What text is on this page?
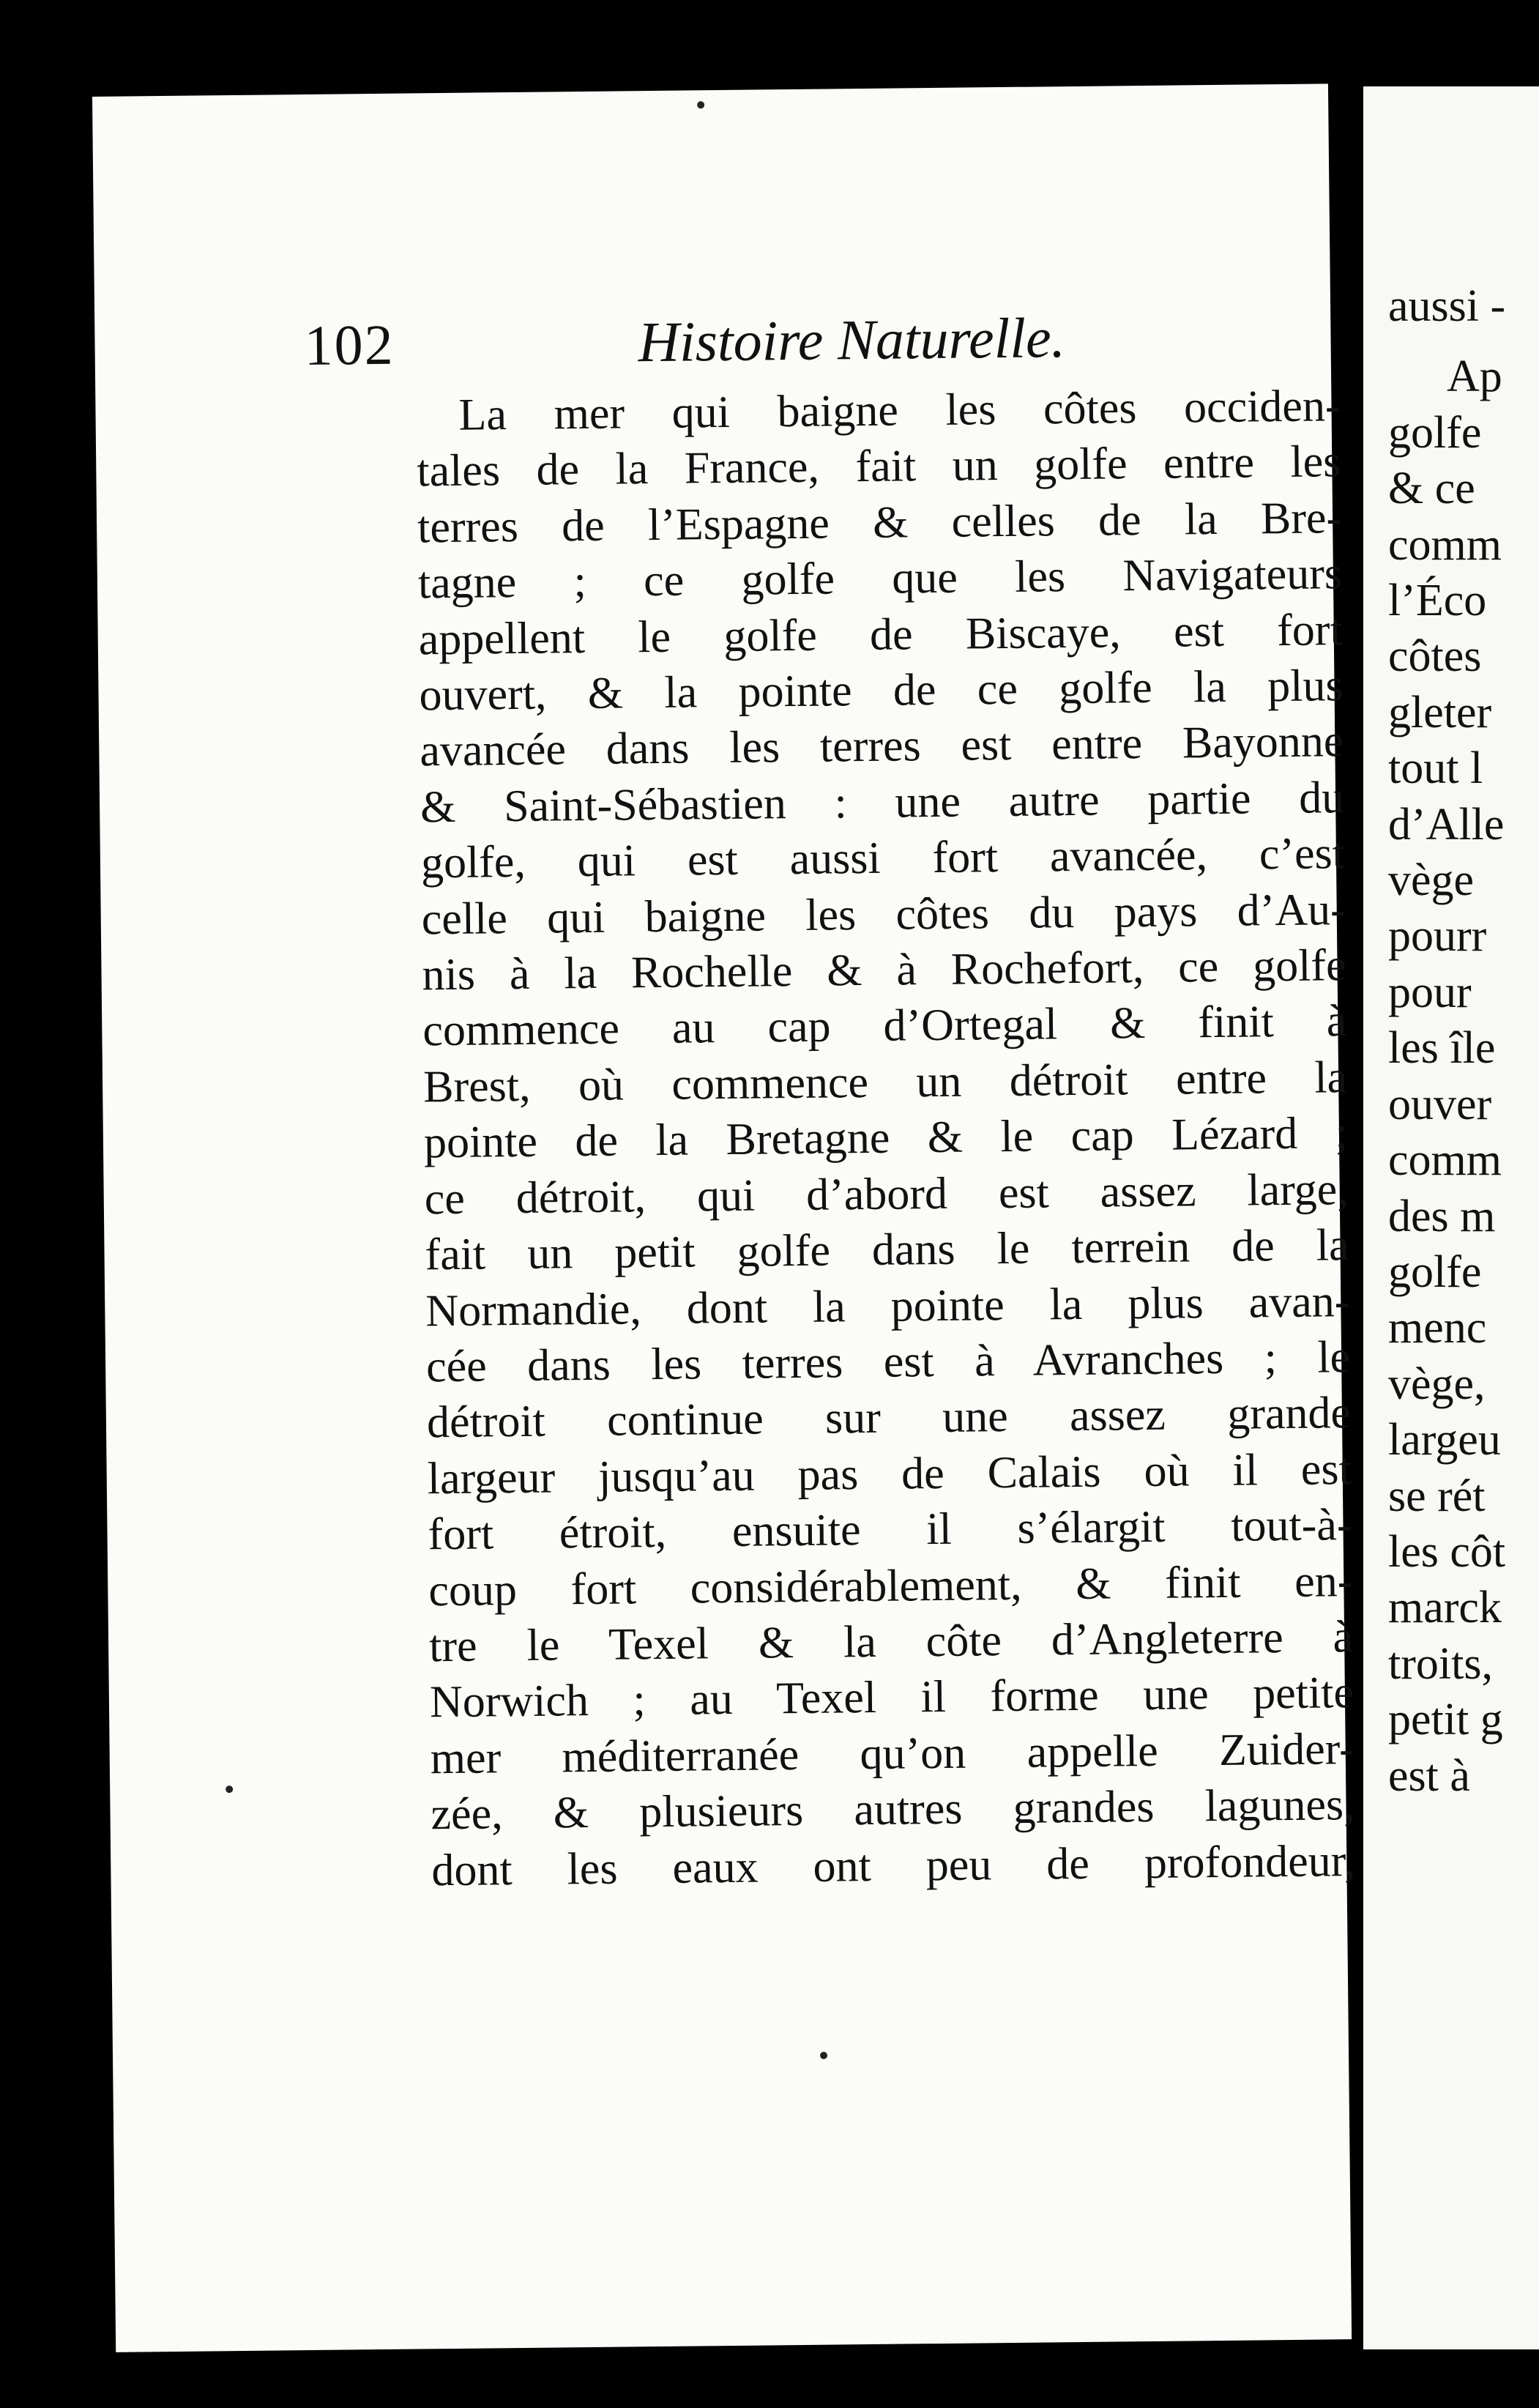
102	Histoire Naturelle.
La mer qui baigne les côtes occiden-
tales de la France, fait un golfe entre les
terres de l’Espagne & celles de la Bre-
tagne ; ce golfe que les Navigateurs
appellent le golfe de Biscaye, est fort
ouvert, & la pointe de ce golfe la plus
avancée dans les terres est entre Bayonne
& Saint-Sébastien : une autre partie du
golfe, qui est aussi fort avancée, c’est
celle qui baigne les côtes du pays d’Au-
nis à la Rochelle & à Rochefort, ce golfe
commence au cap d’Ortegal & finit à
Brest, où commence un détroit entre la
pointe de la Bretagne & le cap Lézard ;
ce détroit, qui d’abord est assez large,
fait un petit golfe dans le terrein de la
Normandie, dont la pointe la plus avan-
cée dans les terres est à Avranches ; le
détroit continue sur une assez grande
largeur jusqu’au pas de Calais où il est
fort étroit, ensuite il s’élargit tout-à-
coup fort considérablement, & finit en-
tre le Texel & la côte d’Angleterre à
Norwich ; au Texel il forme une petite
mer méditerranée qu’on appelle Zuider-
zée, & plusieurs autres grandes lagunes,
dont les eaux ont peu de profondeur,
aussi -
Ap
golfe
& ce
comm
l’Éco
côtes
gleter
tout l
d’Alle
vège
pourr
pour
les île
ouver
comm
des m
golfe
menc
vège,
largeu
se rét
les côt
marck
troits,
petit g
est à
